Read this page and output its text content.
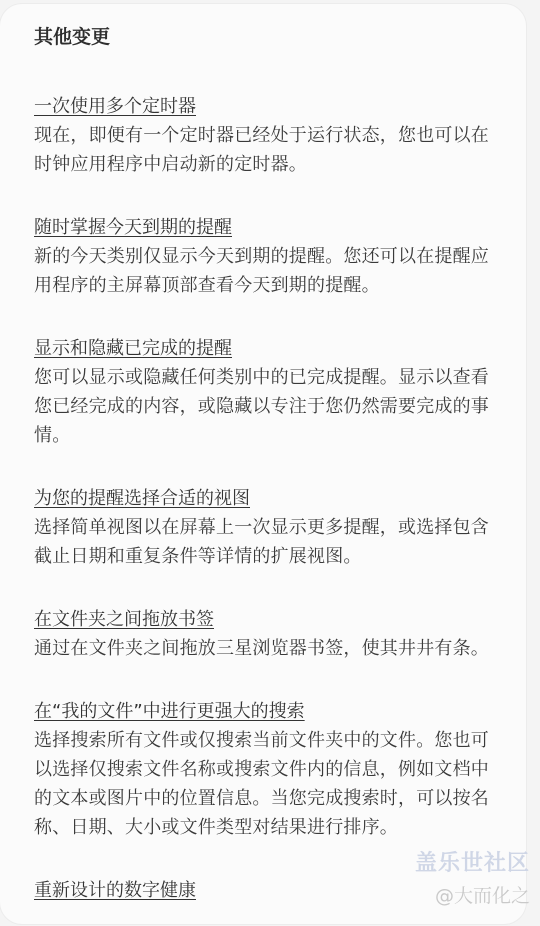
其他变更
一次使用多个定时器
现在，即便有一个定时器已经处于运行状态，您也可以在时钟应用程序中启动新的定时器。
随时掌握今天到期的提醒
新的今天类别仅显示今天到期的提醒。您还可以在提醒应用程序的主屏幕顶部查看今天到期的提醒。
显示和隐藏已完成的提醒
您可以显示或隐藏任何类别中的已完成提醒。显示以查看您已经完成的内容，或隐藏以专注于您仍然需要完成的事情。
为您的提醒选择合适的视图
选择简单视图以在屏幕上一次显示更多提醒，或选择包含截止日期和重复条件等详情的扩展视图。
在文件夹之间拖放书签
通过在文件夹之间拖放三星浏览器书签，使其井井有条。
在“我的文件”中进行更强大的搜索
选择搜索所有文件或仅搜索当前文件夹中的文件。您也可以选择仅搜索文件名称或搜索文件内的信息，例如文档中的文本或图片中的位置信息。当您完成搜索时，可以按名称、日期、大小或文件类型对结果进行排序。
重新设计的数字健康
盖乐世社区
@大而化之
